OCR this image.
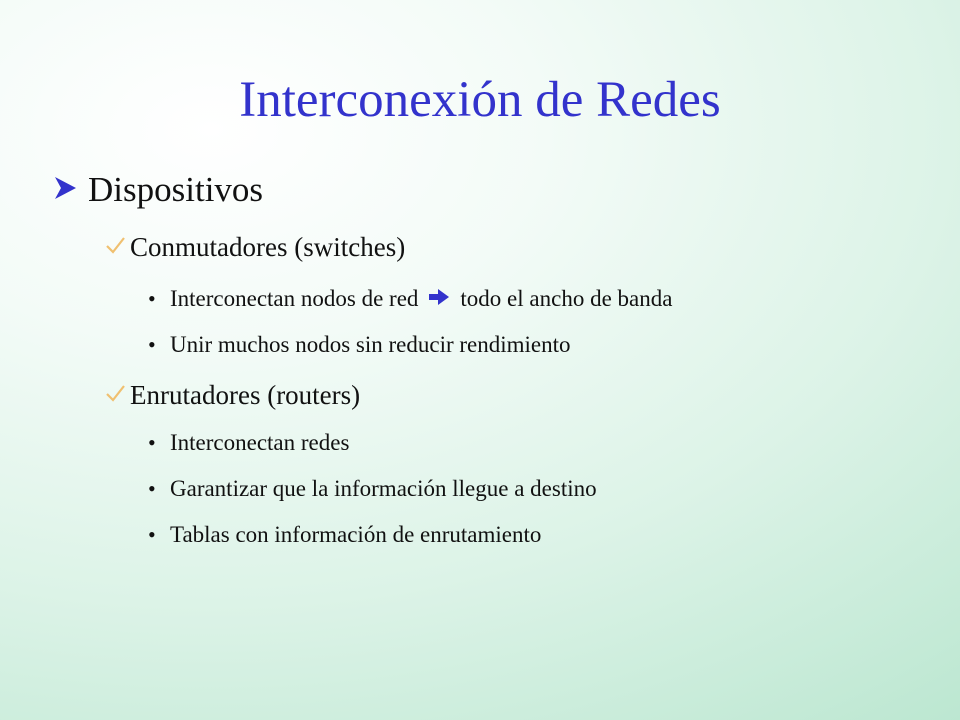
Interconexión de Redes
Dispositivos
Conmutadores (switches)
• Interconectan nodos de red todo el ancho de banda
• Unir muchos nodos sin reducir rendimiento
Enrutadores (routers)
• Interconectan redes
• Garantizar que la información llegue a destino
• Tablas con información de enrutamiento
